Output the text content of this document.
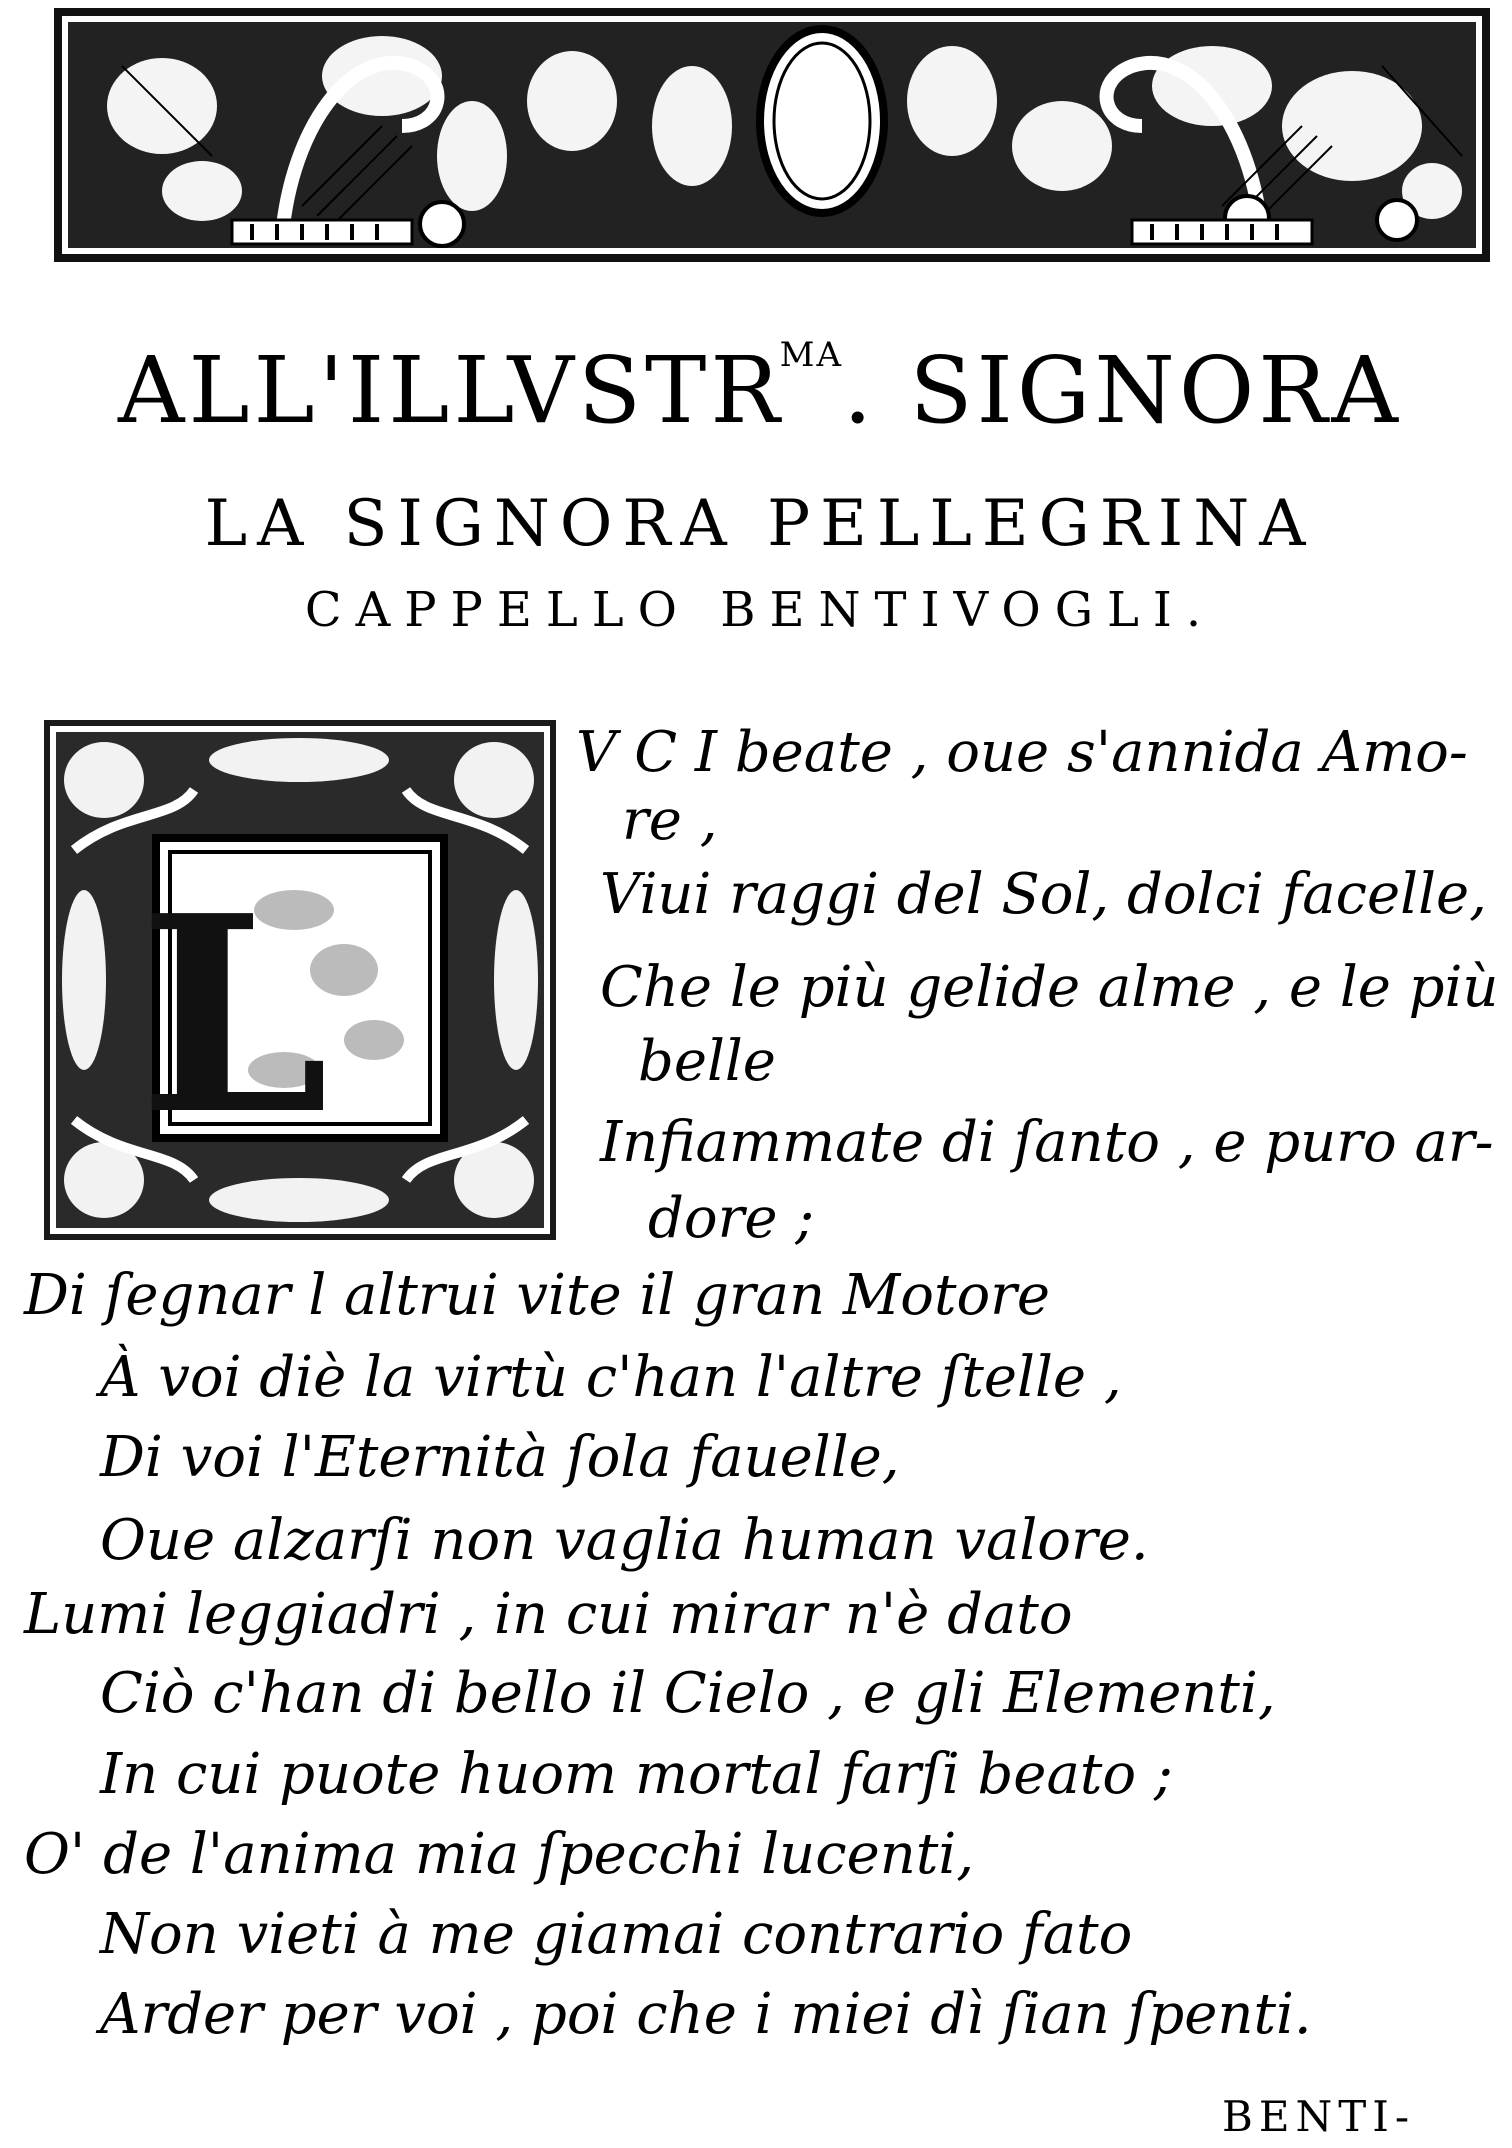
$ALL'ILLVSTR^{MA}$. SIGNORA
LA SIGNORA PELLEGRINA
CAPPELLO BENTIVOGLI.
L
V C I beate , oue s'annida Amo-
re ,
Viui raggi del Sol, dolci facelle,
Che le più gelide alme , e le più
belle
Infiammate di ſanto , e puro ar-
dore ;
Di ſegnar l altrui vite il gran Motore
À voi diè la virtù c'han l'altre ſtelle ,
Di voi l'Eternità ſola fauelle,
Oue alzarſi non vaglia human valore.
Lumi leggiadri , in cui mirar n'è dato
Ciò c'han di bello il Cielo , e gli Elementi,
In cui puote huom mortal farſi beato ;
O' de l'anima mia ſpecchi lucenti,
Non vieti à me giamai contrario fato
Arder per voi , poi che i miei dì ſian ſpenti.
BENTI-
